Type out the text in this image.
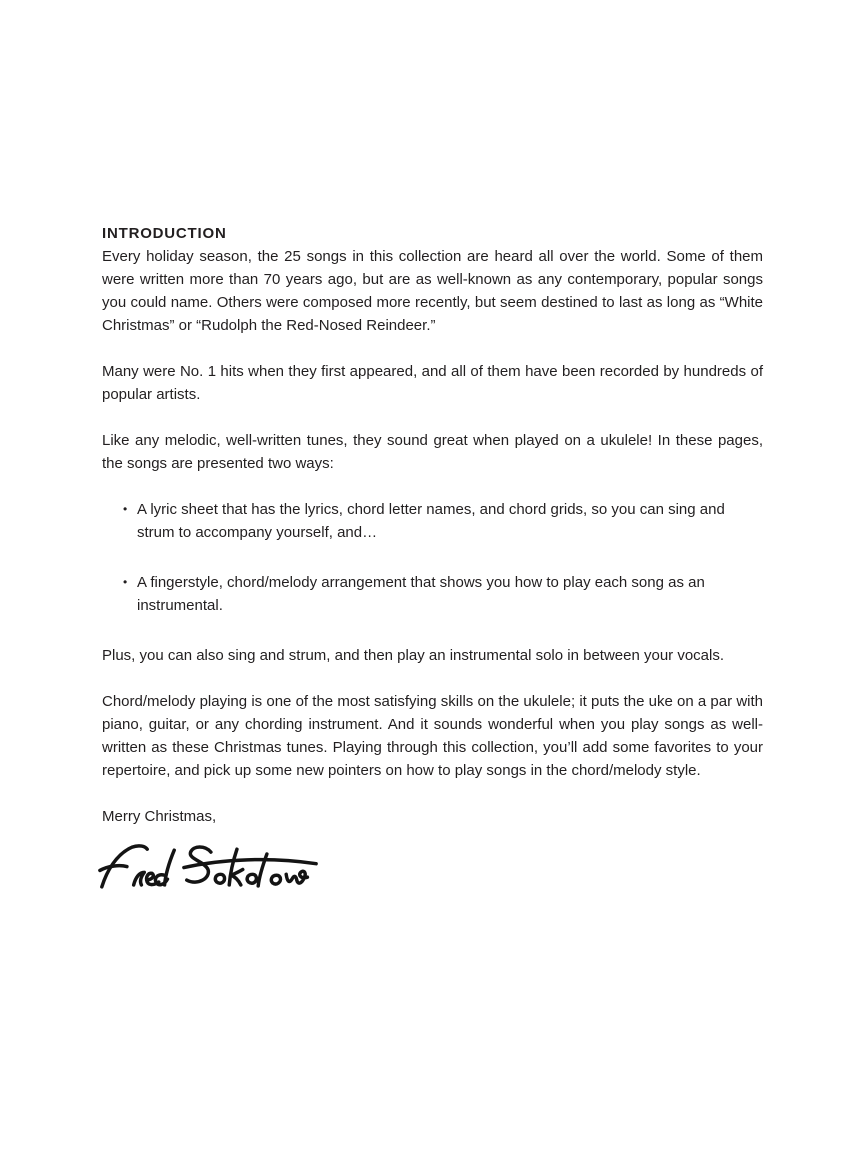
INTRODUCTION

Every holiday season, the 25 songs in this collection are heard all over the world. Some of them were written more than 70 years ago, but are as well-known as any contemporary, popular songs you could name. Others were composed more recently, but seem destined to last as long as “White Christmas” or “Rudolph the Red-Nosed Reindeer.”

Many were No. 1 hits when they first appeared, and all of them have been recorded by hundreds of popular artists.

Like any melodic, well-written tunes, they sound great when played on a ukulele! In these pages, the songs are presented two ways:

• A lyric sheet that has the lyrics, chord letter names, and chord grids, so you can sing and strum to accompany yourself, and…
• A fingerstyle, chord/melody arrangement that shows you how to play each song as an instrumental.

Plus, you can also sing and strum, and then play an instrumental solo in between your vocals.

Chord/melody playing is one of the most satisfying skills on the ukulele; it puts the uke on a par with piano, guitar, or any chording instrument. And it sounds wonderful when you play songs as well-written as these Christmas tunes. Playing through this collection, you’ll add some favorites to your repertoire, and pick up some new pointers on how to play songs in the chord/melody style.

Merry Christmas,
